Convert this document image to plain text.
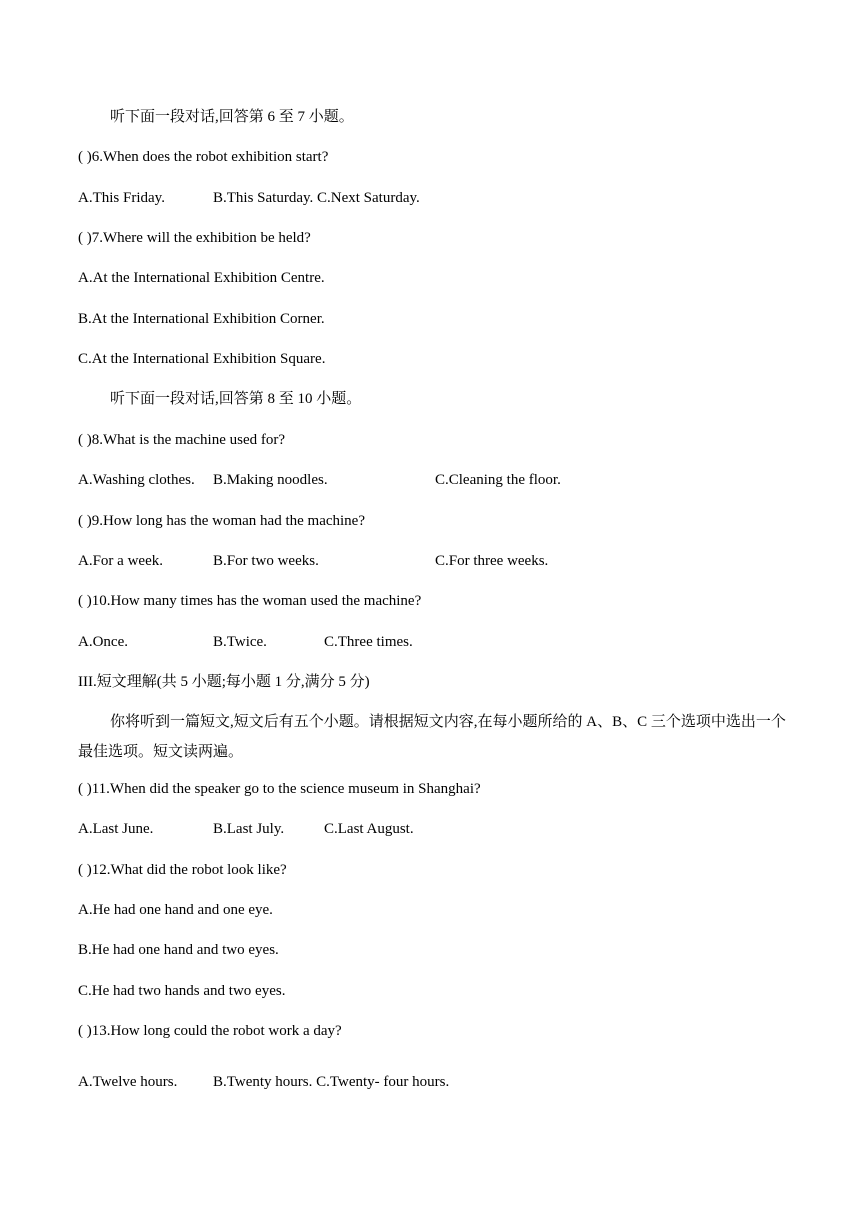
听下面一段对话,回答第 6 至 7 小题。
( )6.When does the robot exhibition start?
A.This Friday.	B.This Saturday. C.Next Saturday.
( )7.Where will the exhibition be held?
A.At the International Exhibition Centre.
B.At the International Exhibition Corner.
C.At the International Exhibition Square.
听下面一段对话,回答第 8 至 10 小题。
( )8.What is the machine used for?
A.Washing clothes. B.Making noodles.	C.Cleaning the floor.
( )9.How long has the woman had the machine?
A.For a week.	B.For two weeks.	C.For three weeks.
( )10.How many times has the woman used the machine?
A.Once.	B.Twice.	C.Three times.
III.短文理解(共 5 小题;每小题 1 分,满分 5 分)
你将听到一篇短文,短文后有五个小题。请根据短文内容,在每小题所给的 A、B、C 三个选项中选出一个最佳选项。短文读两遍。
( )11.When did the speaker go to the science museum in Shanghai?
A.Last June.	B.Last July.	C.Last August.
( )12.What did the robot look like?
A.He had one hand and one eye.
B.He had one hand and two eyes.
C.He had two hands and two eyes.
( )13.How long could the robot work a day?
A.Twelve hours. B.Twenty hours. C.Twenty- four hours.
